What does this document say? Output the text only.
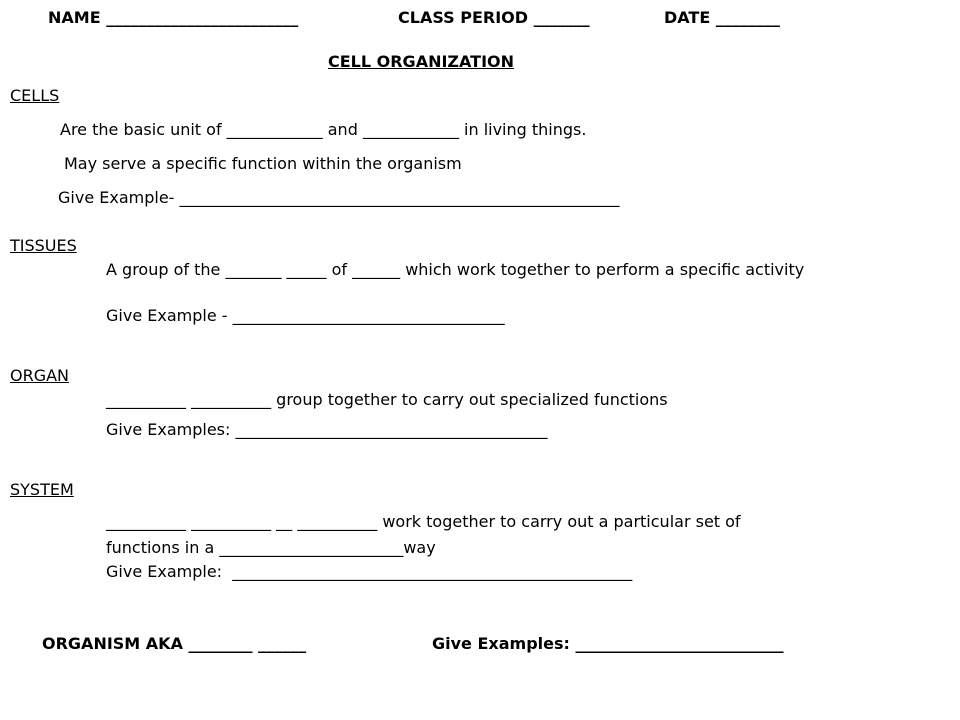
NAME ________________________	CLASS PERIOD _______	DATE ________
CELL ORGANIZATION
CELLS
Are the basic unit of ____________ and ____________ in living things.
May serve a specific function within the organism
Give Example- _______________________________________________________
TISSUES
A group of the _______ _____ of ______ which work together to perform a specific activity
Give Example - __________________________________
ORGAN
__________ __________ group together to carry out specialized functions
Give Examples: _______________________________________
SYSTEM
__________ __________ __ __________ work together to carry out a particular set of
functions in a _______________________way
Give Example:  __________________________________________________
ORGANISM AKA ________ ______	Give Examples: __________________________
